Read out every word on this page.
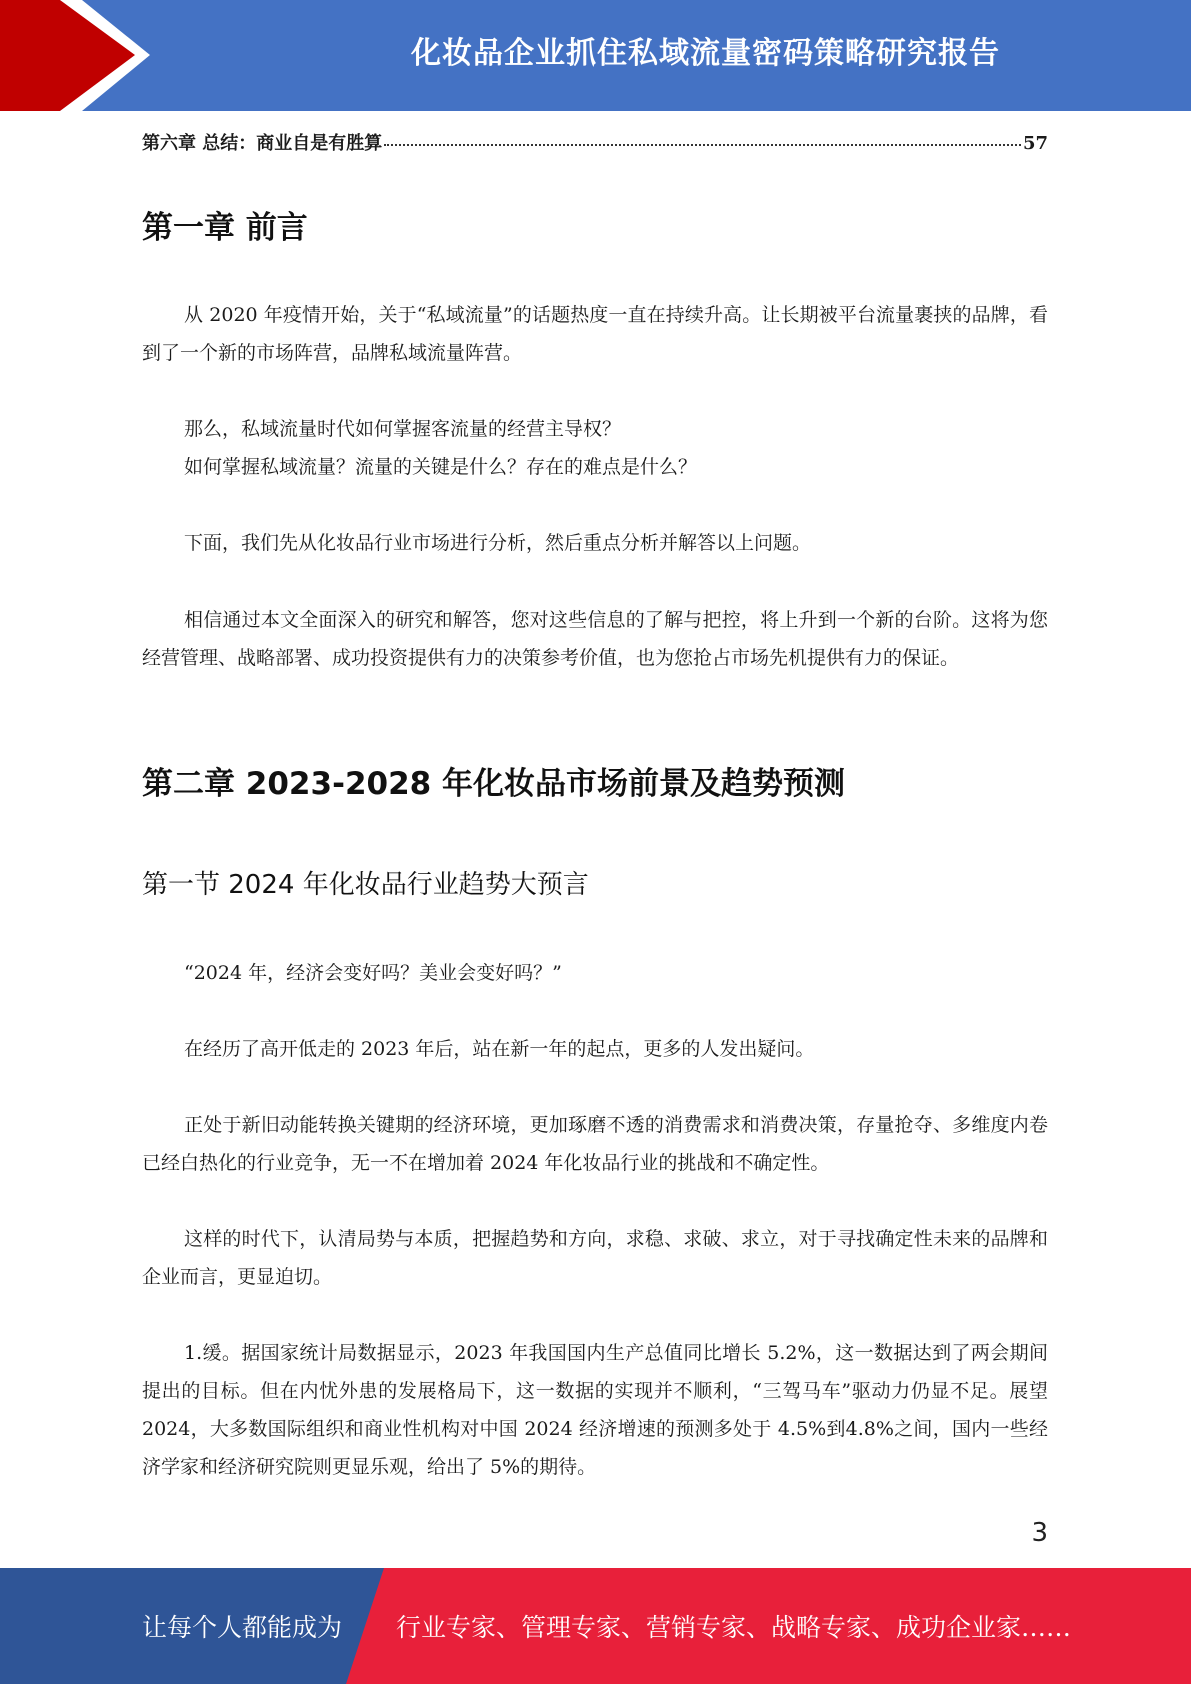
化妆品企业抓住私域流量密码策略研究报告
第六章 总结：商业自是有胜算	57
第一章 前言

从 2020 年疫情开始，关于“私域流量”的话题热度一直在持续升高。让长期被平台流量裹挟的品牌，看到了一个新的市场阵营，品牌私域流量阵营。

那么，私域流量时代如何掌握客流量的经营主导权？

如何掌握私域流量？流量的关键是什么？存在的难点是什么？

下面，我们先从化妆品行业市场进行分析，然后重点分析并解答以上问题。

相信通过本文全面深入的研究和解答，您对这些信息的了解与把控，将上升到一个新的台阶。这将为您经营管理、战略部署、成功投资提供有力的决策参考价值，也为您抢占市场先机提供有力的保证。

第二章 2023-2028 年化妆品市场前景及趋势预测
第一节 2024 年化妆品行业趋势大预言

“2024 年，经济会变好吗？美业会变好吗？”

在经历了高开低走的 2023 年后，站在新一年的起点，更多的人发出疑问。

正处于新旧动能转换关键期的经济环境，更加琢磨不透的消费需求和消费决策，存量抢夺、多维度内卷已经白热化的行业竞争，无一不在增加着 2024 年化妆品行业的挑战和不确定性。

这样的时代下，认清局势与本质，把握趋势和方向，求稳、求破、求立，对于寻找确定性未来的品牌和企业而言，更显迫切。

1.缓。据国家统计局数据显示，2023 年我国国内生产总值同比增长 5.2%，这一数据达到了两会期间提出的目标。但在内忧外患的发展格局下，这一数据的实现并不顺利，“三驾马车”驱动力仍显不足。展望 2024，大多数国际组织和商业性机构对中国 2024 经济增速的预测多处于 4.5%到4.8%之间，国内一些经济学家和经济研究院则更显乐观，给出了 5%的期待。

3
让每个人都能成为 行业专家、管理专家、营销专家、战略专家、成功企业家……
